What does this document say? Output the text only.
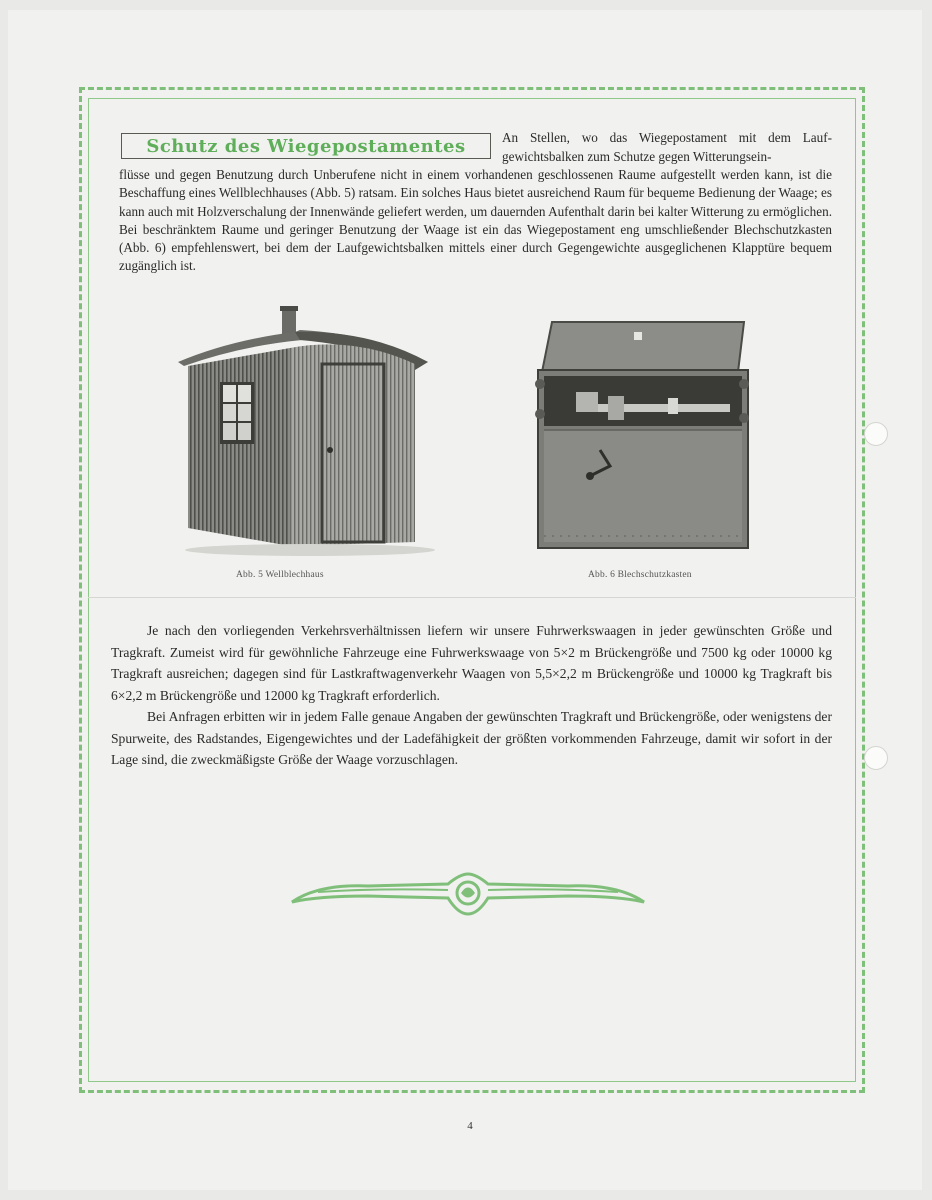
Schutz des Wiegepostamentes	An Stellen, wo das Wiegepostament mit dem Lauf-gewichtsbalken zum Schutze gegen Witterungsein-
flüsse und gegen Benutzung durch Unberufene nicht in einem vorhandenen geschlossenen Raume aufgestellt werden kann, ist die Beschaffung eines Wellblechhauses (Abb. 5) ratsam. Ein solches Haus bietet ausreichend Raum für bequeme Bedienung der Waage; es kann auch mit Holzverschalung der Innenwände geliefert werden, um dauernden Aufenthalt darin bei kalter Witterung zu ermöglichen. Bei beschränktem Raume und geringer Benutzung der Waage ist ein das Wiegepostament eng umschließender Blechschutzkasten (Abb. 6) empfehlenswert, bei dem der Laufgewichtsbalken mittels einer durch Gegengewichte ausgeglichenen Klapptüre bequem zugänglich ist.
Abb. 5 Wellblechhaus	Abb. 6 Blechschutzkasten

Je nach den vorliegenden Verkehrsverhältnissen liefern wir unsere Fuhrwerkswaagen in jeder gewünschten Größe und Tragkraft. Zumeist wird für gewöhnliche Fahrzeuge eine Fuhrwerkswaage von 5×2 m Brückengröße und 7500 kg oder 10000 kg Tragkraft ausreichen; dagegen sind für Lastkraftwagenverkehr Waagen von 5,5×2,2 m Brückengröße und 10000 kg Tragkraft bis 6×2,2 m Brückengröße und 12000 kg Tragkraft erforderlich.

Bei Anfragen erbitten wir in jedem Falle genaue Angaben der gewünschten Tragkraft und Brückengröße, oder wenigstens der Spurweite, des Radstandes, Eigengewichtes und der Ladefähigkeit der größten vorkommenden Fahrzeuge, damit wir sofort in der Lage sind, die zweckmäßigste Größe der Waage vorzuschlagen.

4
